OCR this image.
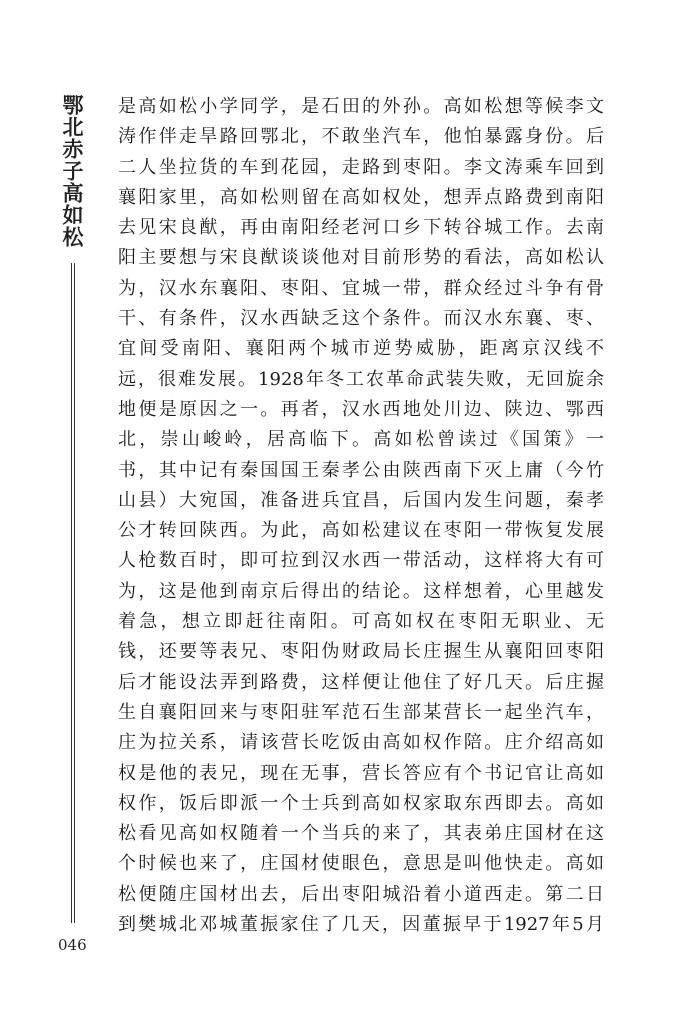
鄂北赤子高如松 是高如松小学同学，是石田的外孙。高如松想等候李文
涛作伴走旱路回鄂北，不敢坐汽车，他怕暴露身份。后
二人坐拉货的车到花园，走路到枣阳。李文涛乘车回到
襄阳家里，高如松则留在高如权处，想弄点路费到南阳
去见宋良猷，再由南阳经老河口乡下转谷城工作。去南
阳主要想与宋良猷谈谈他对目前形势的看法，高如松认
为，汉水东襄阳、枣阳、宜城一带，群众经过斗争有骨
干、有条件，汉水西缺乏这个条件。而汉水东襄、枣、
宜间受南阳、襄阳两个城市逆势威胁，距离京汉线不
远，很难发展。1928年冬工农革命武装失败，无回旋余
地便是原因之一。再者，汉水西地处川边、陕边、鄂西
北，崇山峻岭，居高临下。高如松曾读过《国策》一
书，其中记有秦国国王秦孝公由陕西南下灭上庸（今竹
山县）大宛国，准备进兵宜昌，后国内发生问题，秦孝
公才转回陕西。为此，高如松建议在枣阳一带恢复发展
人枪数百时，即可拉到汉水西一带活动，这样将大有可
为，这是他到南京后得出的结论。这样想着，心里越发
着急，想立即赶往南阳。可高如权在枣阳无职业、无
钱，还要等表兄、枣阳伪财政局长庄握生从襄阳回枣阳
后才能设法弄到路费，这样便让他住了好几天。后庄握
生自襄阳回来与枣阳驻军范石生部某营长一起坐汽车，
庄为拉关系，请该营长吃饭由高如权作陪。庄介绍高如
权是他的表兄，现在无事，营长答应有个书记官让高如
权作，饭后即派一个士兵到高如权家取东西即去。高如
松看见高如权随着一个当兵的来了，其表弟庄国材在这
个时候也来了，庄国材使眼色，意思是叫他快走。高如
松便随庄国材出去，后出枣阳城沿着小道西走。第二日
到樊城北邓城董振家住了几天，因董振早于1927年5月
046
